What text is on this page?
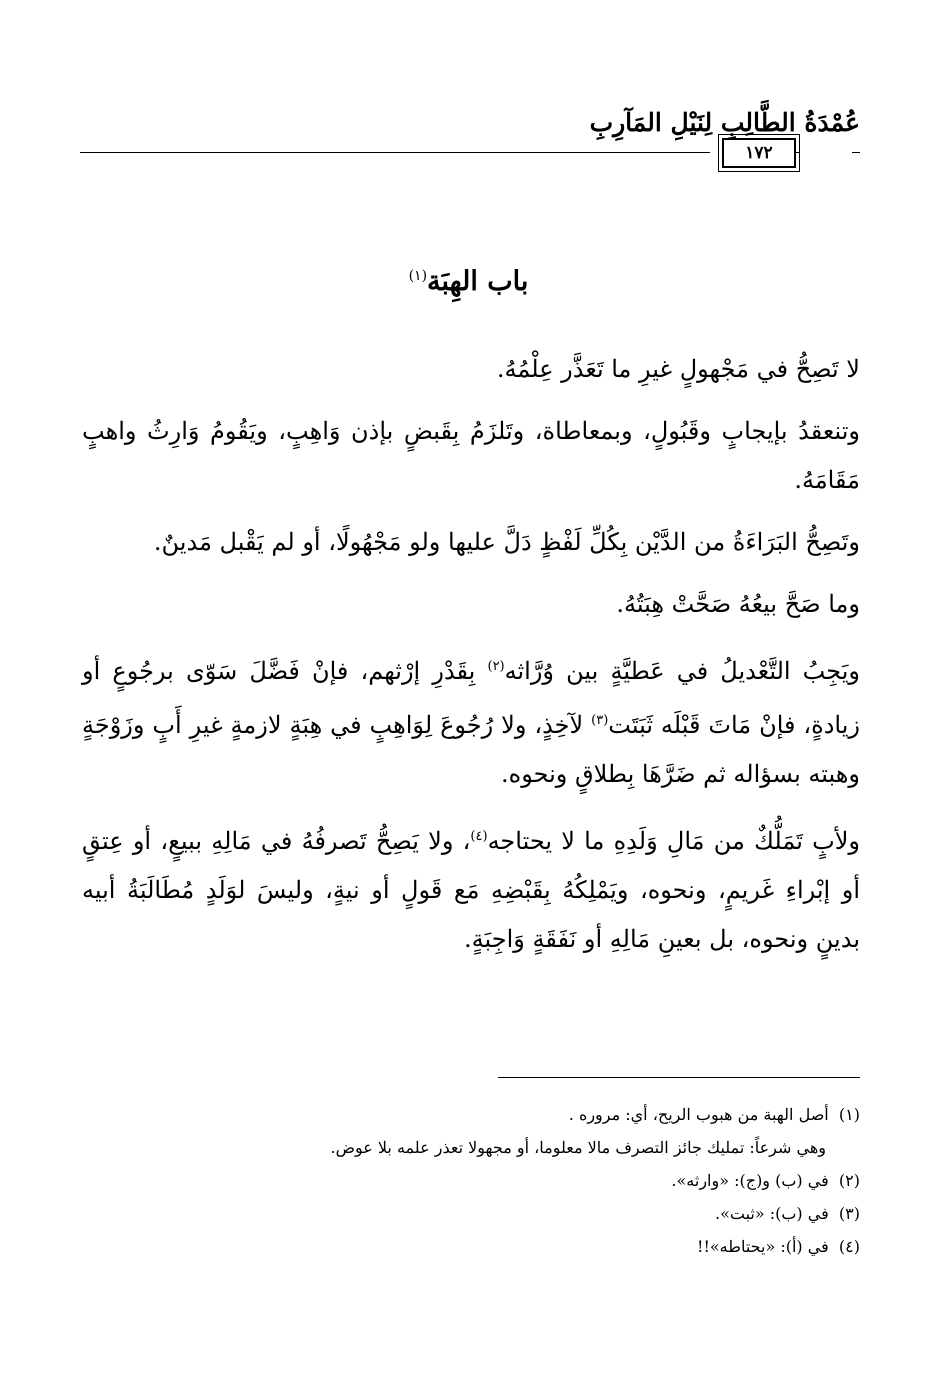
١٧٢
عُمْدَةُ الطَّالِبِ لِنَيْلِ المَآرِبِ
باب الهِبَة$^{(١)}$

لا تَصِحُّ في مَجْهولٍ غيرِ ما تَعَذَّر عِلْمُهُ.

وتنعقدُ بإيجابٍ وقَبُولٍ، وبمعاطاة، وتَلزَمُ بِقَبضٍ بإذن وَاهِبٍ، ويَقُومُ وَارِثُ واهبٍ مَقَامَهُ.

وتَصِحُّ البَرَاءَةُ من الدَّيْن بِكُلِّ لَفْظٍ دَلَّ عليها ولو مَجْهُولًا، أو لم يَقْبل مَدينٌ.

وما صَحَّ بيعُهُ صَحَّتْ هِبَتُهُ.

ويَجِبُ التَّعْديلُ في عَطيَّةٍ بين وُرَّاثه$^{(٢)}$ بِقَدْرِ إرْثهم، فإنْ فَضَّلَ سَوّى برجُوعٍ أو زيادةٍ، فإنْ مَاتَ قَبْلَه ثَبَتَت$^{(٣)}$ لآخِذٍ، ولا رُجُوعَ لِوَاهِبٍ في هِبَةٍ لازمةٍ غيرِ أَبٍ وزَوْجَةٍ وهبته بسؤاله ثم ضَرَّهَا بِطلاقٍ ونحوه.

ولأبٍ تَمَلُّكٌ من مَالِ وَلَدِهِ ما لا يحتاجه$^{(٤)}$، ولا يَصِحُّ تَصرفُهُ في مَالِهِ ببيعٍ، أو عِتقٍ أو إبْراءِ غَريمٍ، ونحوه، ويَمْلِكُهُ بِقَبْضِهِ مَع قَولٍ أو نيةٍ، وليسَ لوَلَدٍ مُطَالَبَةُ أبيه بدينٍ ونحوه، بل بعينِ مَالِهِ أو نَفَقَةٍ وَاجِبَةٍ.

(١)  أصل الهبة من هبوب الريح، أي: مروره .
وهي شرعاً: تمليك جائز التصرف مالا معلوما، أو مجهولا تعذر علمه بلا عوض.
(٢)  في (ب) و(ج): «وارثه».
(٣)  في (ب): «ثبت».
(٤)  في (أ): «يحتاطه»!!
